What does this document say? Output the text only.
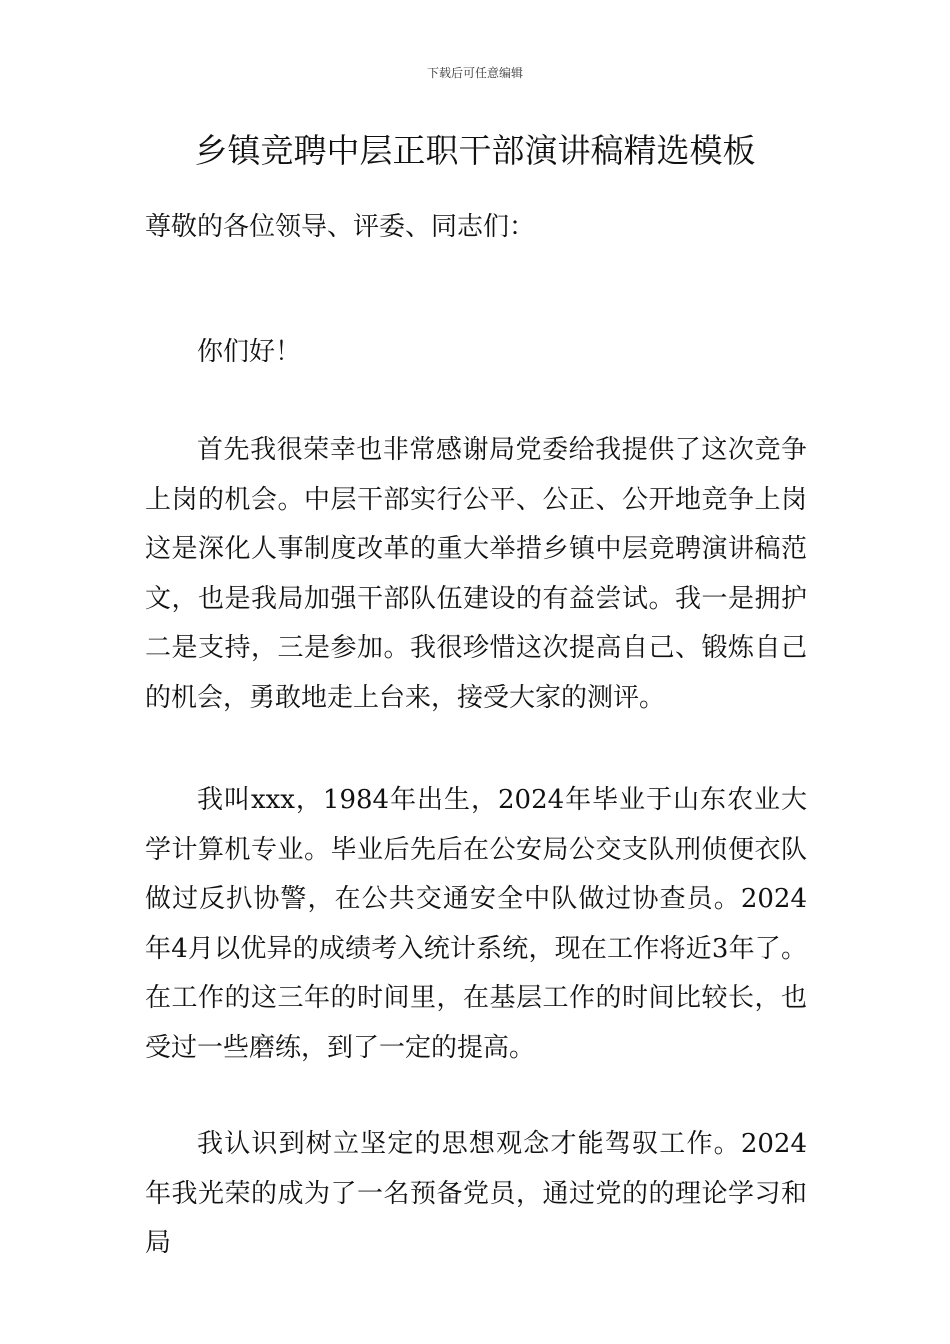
下载后可任意编辑
乡镇竞聘中层正职干部演讲稿精选模板

尊敬的各位领导、评委、同志们：

你们好！

首先我很荣幸也非常感谢局党委给我提供了这次竞争上岗的机会。中层干部实行公平、公正、公开地竞争上岗这是深化人事制度改革的重大举措乡镇中层竞聘演讲稿范文，也是我局加强干部队伍建设的有益尝试。我一是拥护二是支持，三是参加。我很珍惜这次提高自己、锻炼自己的机会，勇敢地走上台来，接受大家的测评。

我叫xxx，1984年出生，2024年毕业于山东农业大学计算机专业。毕业后先后在公安局公交支队刑侦便衣队做过反扒协警，在公共交通安全中队做过协查员。2024年4月以优异的成绩考入统计系统，现在工作将近3年了。在工作的这三年的时间里，在基层工作的时间比较长，也受过一些磨练，到了一定的提高。

我认识到树立坚定的思想观念才能驾驭工作。2024年我光荣的成为了一名预备党员，通过党的的理论学习和局
